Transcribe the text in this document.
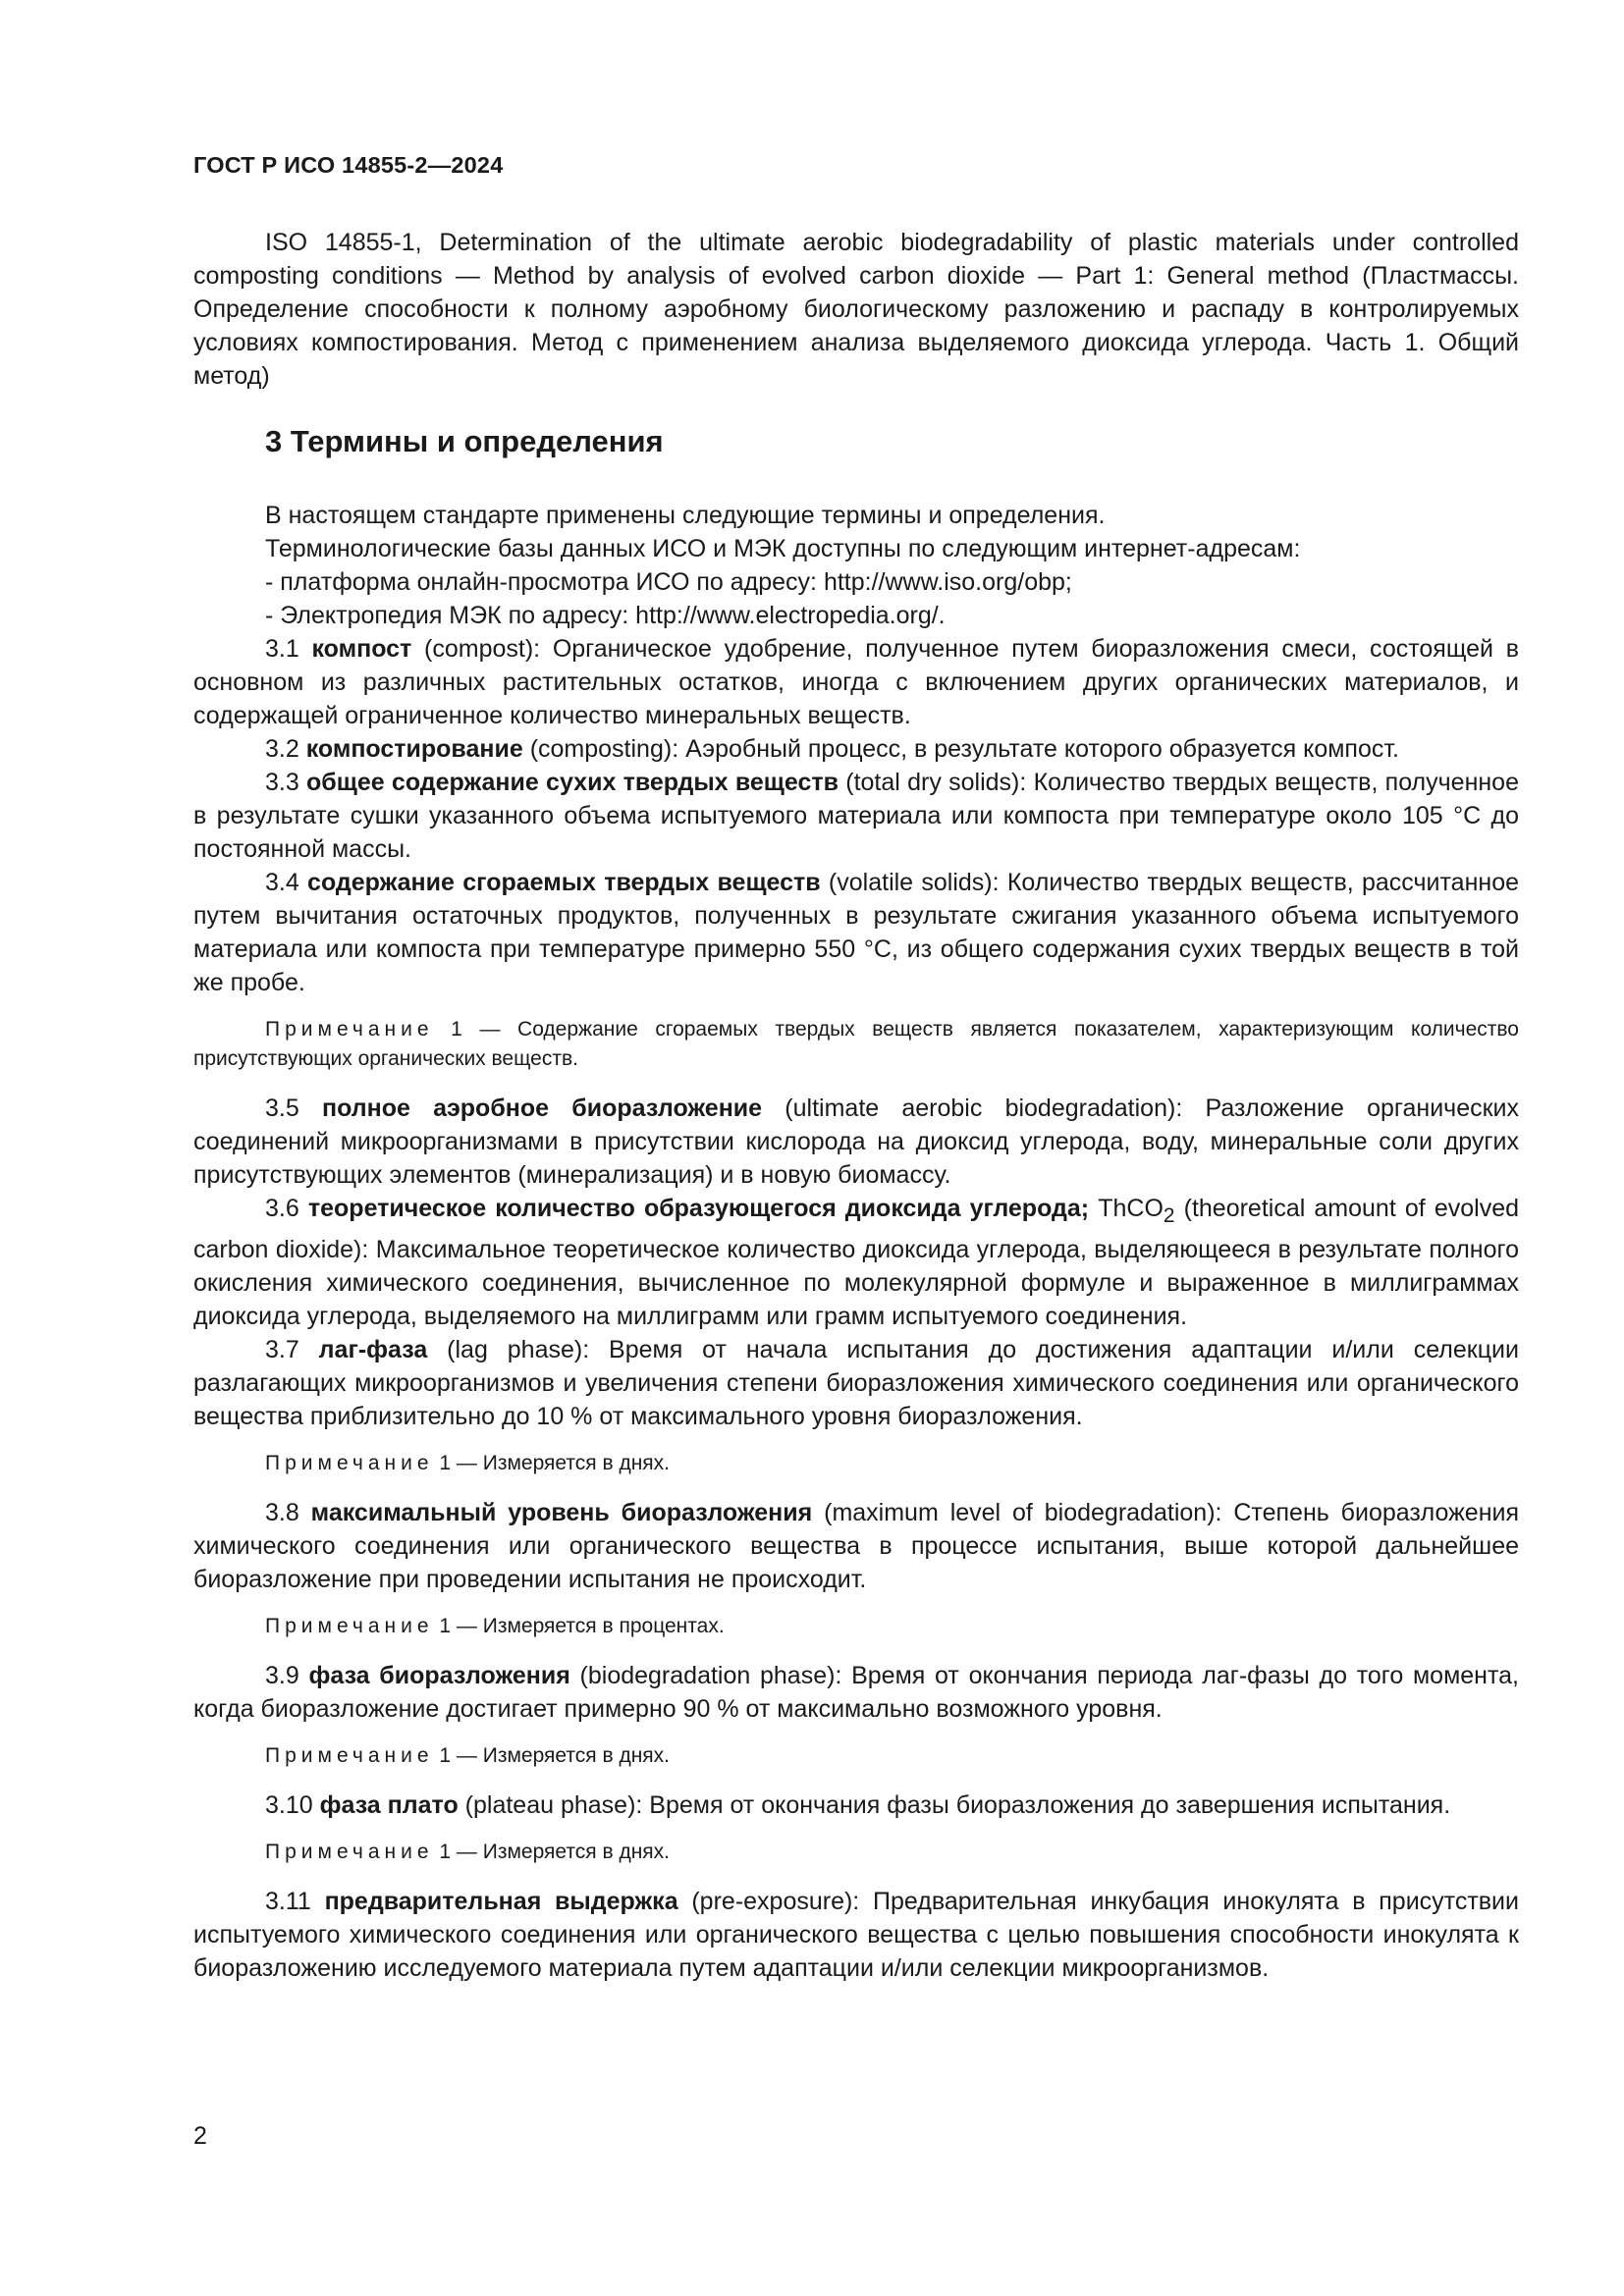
ГОСТ Р ИСО 14855-2—2024

ISO 14855-1, Determination of the ultimate aerobic biodegradability of plastic materials under controlled composting conditions — Method by analysis of evolved carbon dioxide — Part 1: General method (Пластмассы. Определение способности к полному аэробному биологическому разложению и распаду в контролируемых условиях компостирования. Метод с применением анализа выделяемого диоксида углерода. Часть 1. Общий метод)

3 Термины и определения

В настоящем стандарте применены следующие термины и определения.

Терминологические базы данных ИСО и МЭК доступны по следующим интернет-адресам:

- платформа онлайн-просмотра ИСО по адресу: http://www.iso.org/obp;

- Электропедия МЭК по адресу: http://www.electropedia.org/.

3.1 компост (compost): Органическое удобрение, полученное путем биоразложения смеси, состоящей в основном из различных растительных остатков, иногда с включением других органических материалов, и содержащей ограниченное количество минеральных веществ.

3.2 компостирование (composting): Аэробный процесс, в результате которого образуется компост.

3.3 общее содержание сухих твердых веществ (total dry solids): Количество твердых веществ, полученное в результате сушки указанного объема испытуемого материала или компоста при температуре около 105 °С до постоянной массы.

3.4 содержание сгораемых твердых веществ (volatile solids): Количество твердых веществ, рассчитанное путем вычитания остаточных продуктов, полученных в результате сжигания указанного объема испытуемого материала или компоста при температуре примерно 550 °С, из общего содержания сухих твердых веществ в той же пробе.

Примечание 1 — Содержание сгораемых твердых веществ является показателем, характеризующим количество присутствующих органических веществ.

3.5 полное аэробное биоразложение (ultimate aerobic biodegradation): Разложение органических соединений микроорганизмами в присутствии кислорода на диоксид углерода, воду, минеральные соли других присутствующих элементов (минерализация) и в новую биомассу.

3.6 теоретическое количество образующегося диоксида углерода; ThCO$_2$ (theoretical amount of evolved carbon dioxide): Максимальное теоретическое количество диоксида углерода, выделяющееся в результате полного окисления химического соединения, вычисленное по молекулярной формуле и выраженное в миллиграммах диоксида углерода, выделяемого на миллиграмм или грамм испытуемого соединения.

3.7 лаг-фаза (lag phase): Время от начала испытания до достижения адаптации и/или селекции разлагающих микроорганизмов и увеличения степени биоразложения химического соединения или органического вещества приблизительно до 10 % от максимального уровня биоразложения.

Примечание 1 — Измеряется в днях.

3.8 максимальный уровень биоразложения (maximum level of biodegradation): Степень биоразложения химического соединения или органического вещества в процессе испытания, выше которой дальнейшее биоразложение при проведении испытания не происходит.

Примечание 1 — Измеряется в процентах.

3.9 фаза биоразложения (biodegradation phase): Время от окончания периода лаг-фазы до того момента, когда биоразложение достигает примерно 90 % от максимально возможного уровня.

Примечание 1 — Измеряется в днях.

3.10 фаза плато (plateau phase): Время от окончания фазы биоразложения до завершения испытания.

Примечание 1 — Измеряется в днях.

3.11 предварительная выдержка (pre-exposure): Предварительная инкубация инокулята в присутствии испытуемого химического соединения или органического вещества с целью повышения способности инокулята к биоразложению исследуемого материала путем адаптации и/или селекции микроорганизмов.

2
